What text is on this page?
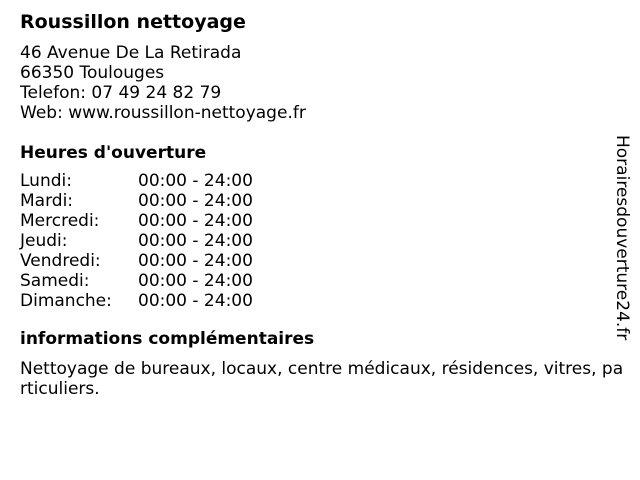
Roussillon nettoyage
46 Avenue De La Retirada
66350 Toulouges
Telefon: 07 49 24 82 79
Web: www.roussillon-nettoyage.fr
Heures d'ouverture
Lundi:	00:00 - 24:00
Mardi:	00:00 - 24:00
Mercredi:	00:00 - 24:00
Jeudi:	00:00 - 24:00
Vendredi:	00:00 - 24:00
Samedi:	00:00 - 24:00
Dimanche:	00:00 - 24:00
informations complémentaires
Nettoyage de bureaux, locaux, centre médicaux, résidences, vitres, particuliers.
Horairesdouverture24.fr
